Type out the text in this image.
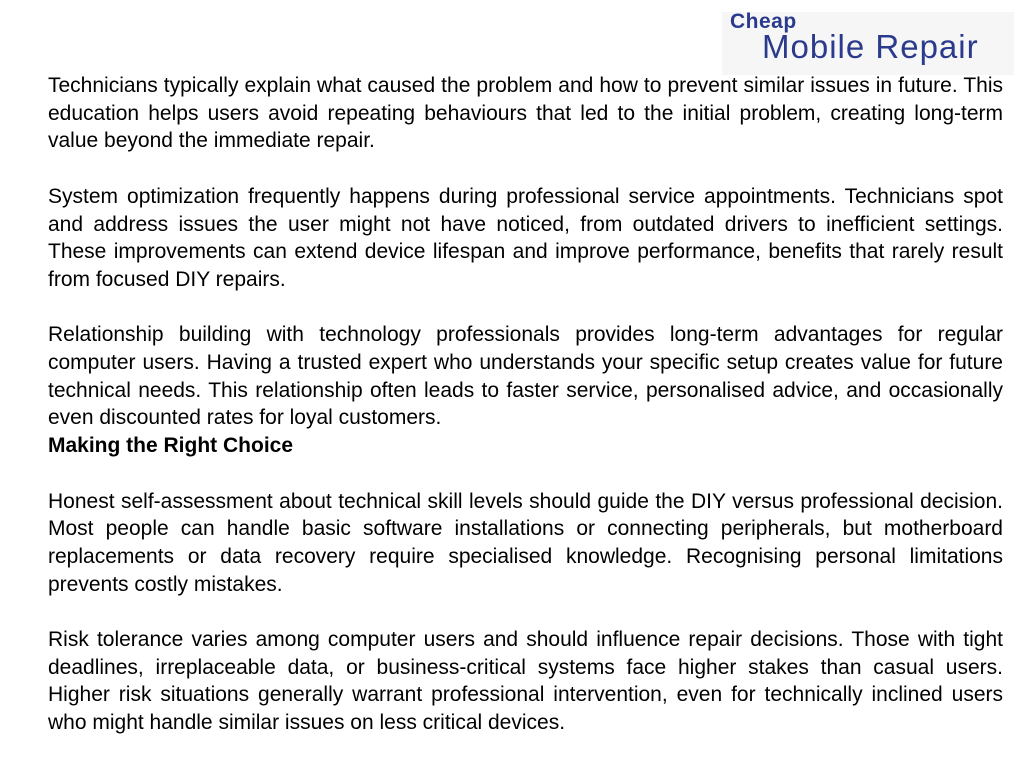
Cheap
Mobile Repair

Technicians typically explain what caused the problem and how to prevent similar issues in future. This education helps users avoid repeating behaviours that led to the initial problem, creating long-term value beyond the immediate repair.

System optimization frequently happens during professional service appointments. Technicians spot and address issues the user might not have noticed, from outdated drivers to inefficient settings. These improvements can extend device lifespan and improve performance, benefits that rarely result from focused DIY repairs.

Relationship building with technology professionals provides long-term advantages for regular computer users. Having a trusted expert who understands your specific setup creates value for future technical needs. This relationship often leads to faster service, personalised advice, and occasionally even discounted rates for loyal customers.

Making the Right Choice

Honest self-assessment about technical skill levels should guide the DIY versus professional decision. Most people can handle basic software installations or connecting peripherals, but motherboard replacements or data recovery require specialised knowledge. Recognising personal limitations prevents costly mistakes.

Risk tolerance varies among computer users and should influence repair decisions. Those with tight deadlines, irreplaceable data, or business-critical systems face higher stakes than casual users. Higher risk situations generally warrant professional intervention, even for technically inclined users who might handle similar issues on less critical devices.
